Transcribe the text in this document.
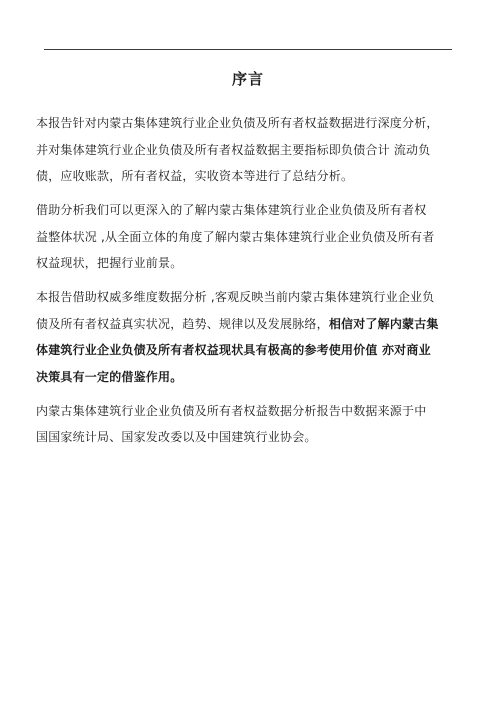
序言

本报告针对内蒙古集体建筑行业企业负债及所有者权益数据进行深度分析，
并对集体建筑行业企业负债及所有者权益数据主要指标即负债合计 流动负
债，应收账款，所有者权益，实收资本等进行了总结分析。

借助分析我们可以更深入的了解内蒙古集体建筑行业企业负债及所有者权
益整体状况 ,从全面立体的角度了解内蒙古集体建筑行业企业负债及所有者
权益现状，把握行业前景。

本报告借助权威多维度数据分析 ,客观反映当前内蒙古集体建筑行业企业负
债及所有者权益真实状况，趋势、规律以及发展脉络，相信对了解内蒙古集
体建筑行业企业负债及所有者权益现状具有极高的参考使用价值 亦对商业
决策具有一定的借鉴作用。

内蒙古集体建筑行业企业负债及所有者权益数据分析报告中数据来源于中
国国家统计局、国家发改委以及中国建筑行业协会。
